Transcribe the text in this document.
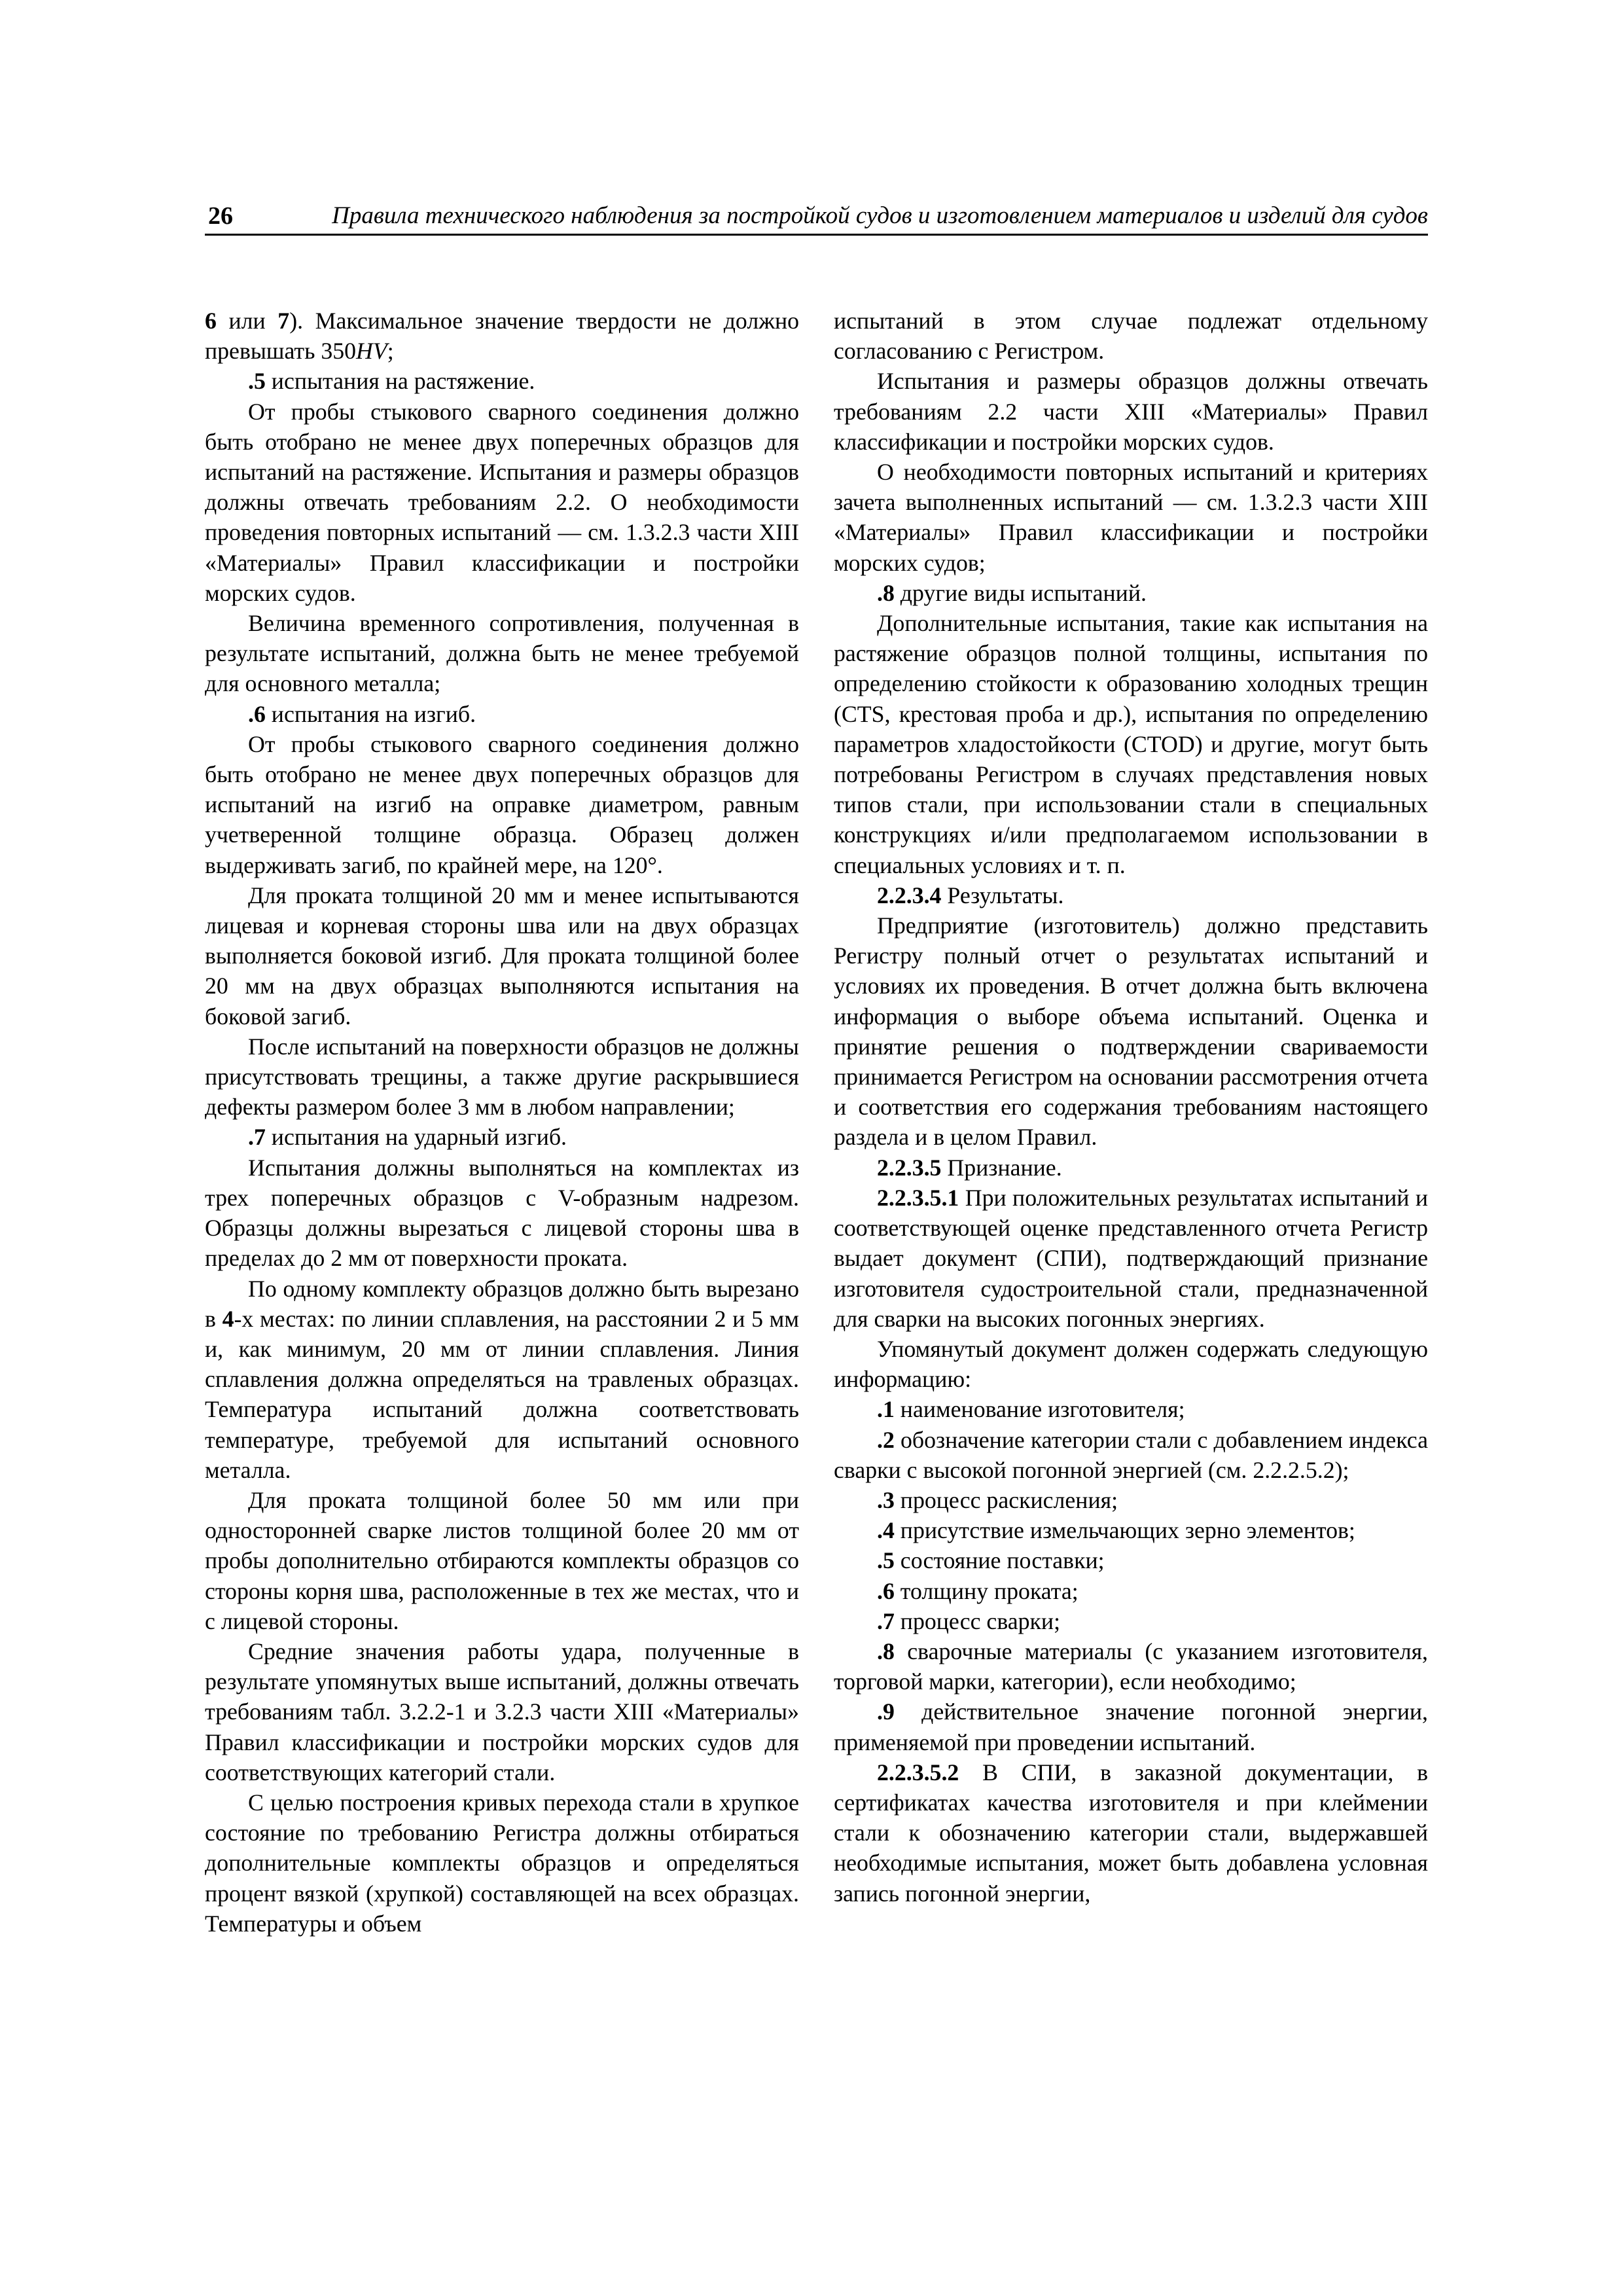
26	Правила технического наблюдения за постройкой судов и изготовлением материалов и изделий для судов

6 или 7). Максимальное значение твердости не должно превышать 350HV;

.5 испытания на растяжение.

От пробы стыкового сварного соединения должно быть отобрано не менее двух поперечных образцов для испытаний на растяжение. Испытания и размеры образцов должны отвечать требованиям 2.2. О необходимости проведения повторных испытаний — см. 1.3.2.3 части XIII «Материалы» Правил классификации и постройки морских судов.

Величина временного сопротивления, полученная в результате испытаний, должна быть не менее требуемой для основного металла;

.6 испытания на изгиб.

От пробы стыкового сварного соединения должно быть отобрано не менее двух поперечных образцов для испытаний на изгиб на оправке диаметром, равным учетверенной толщине образца. Образец должен выдерживать загиб, по крайней мере, на 120°.

Для проката толщиной 20 мм и менее испытываются лицевая и корневая стороны шва или на двух образцах выполняется боковой изгиб. Для проката толщиной более 20 мм на двух образцах выполняются испытания на боковой загиб.

После испытаний на поверхности образцов не должны присутствовать трещины, а также другие раскрывшиеся дефекты размером более 3 мм в любом направлении;

.7 испытания на ударный изгиб.

Испытания должны выполняться на комплектах из трех поперечных образцов с V-образным надрезом. Образцы должны вырезаться с лицевой стороны шва в пределах до 2 мм от поверхности проката.

По одному комплекту образцов должно быть вырезано в 4-х местах: по линии сплавления, на расстоянии 2 и 5 мм и, как минимум, 20 мм от линии сплавления. Линия сплавления должна определяться на травленых образцах. Температура испытаний должна соответствовать температуре, требуемой для испытаний основного металла.

Для проката толщиной более 50 мм или при односторонней сварке листов толщиной более 20 мм от пробы дополнительно отбираются комплекты образцов со стороны корня шва, расположенные в тех же местах, что и с лицевой стороны.

Средние значения работы удара, полученные в результате упомянутых выше испытаний, должны отвечать требованиям табл. 3.2.2-1 и 3.2.3 части XIII «Материалы» Правил классификации и постройки морских судов для соответствующих категорий стали.

С целью построения кривых перехода стали в хрупкое состояние по требованию Регистра должны отбираться дополнительные комплекты образцов и определяться процент вязкой (хрупкой) составляющей на всех образцах. Температуры и объем

испытаний в этом случае подлежат отдельному согласованию с Регистром.

Испытания и размеры образцов должны отвечать требованиям 2.2 части XIII «Материалы» Правил классификации и постройки морских судов.

О необходимости повторных испытаний и критериях зачета выполненных испытаний — см. 1.3.2.3 части XIII «Материалы» Правил классификации и постройки морских судов;

.8 другие виды испытаний.

Дополнительные испытания, такие как испытания на растяжение образцов полной толщины, испытания по определению стойкости к образованию холодных трещин (CTS, крестовая проба и др.), испытания по определению параметров хладостойкости (CTOD) и другие, могут быть потребованы Регистром в случаях представления новых типов стали, при использовании стали в специальных конструкциях и/или предполагаемом использовании в специальных условиях и т. п.

2.2.3.4 Результаты.

Предприятие (изготовитель) должно представить Регистру полный отчет о результатах испытаний и условиях их проведения. В отчет должна быть включена информация о выборе объема испытаний. Оценка и принятие решения о подтверждении свариваемости принимается Регистром на основании рассмотрения отчета и соответствия его содержания требованиям настоящего раздела и в целом Правил.

2.2.3.5 Признание.

2.2.3.5.1 При положительных результатах испытаний и соответствующей оценке представленного отчета Регистр выдает документ (СПИ), подтверждающий признание изготовителя судостроительной стали, предназначенной для сварки на высоких погонных энергиях.

Упомянутый документ должен содержать следующую информацию:

.1 наименование изготовителя;

.2 обозначение категории стали с добавлением индекса сварки с высокой погонной энергией (см. 2.2.2.5.2);

.3 процесс раскисления;

.4 присутствие измельчающих зерно элементов;

.5 состояние поставки;

.6 толщину проката;

.7 процесс сварки;

.8 сварочные материалы (с указанием изготовителя, торговой марки, категории), если необходимо;

.9 действительное значение погонной энергии, применяемой при проведении испытаний.

2.2.3.5.2 В СПИ, в заказной документации, в сертификатах качества изготовителя и при клеймении стали к обозначению категории стали, выдержавшей необходимые испытания, может быть добавлена условная запись погонной энергии,
